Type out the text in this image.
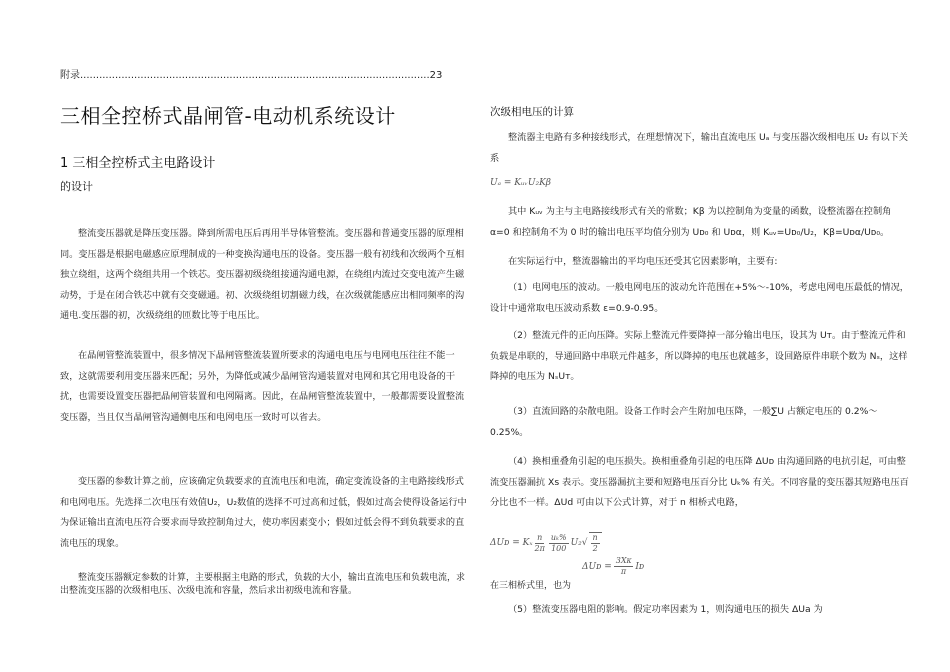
附录..............................................................................................................23
三相全控桥式晶闸管-电动机系统设计
1 三相全控桥式主电路设计
的设计
整流变压器就是降压变压器。降到所需电压后再用半导体管整流。变压器和普通变压器的原理相同。变压器是根据电磁感应原理制成的一种变换沟通电压的设备。变压器一般有初线和次级两个互相独立绕组，这两个绕组共用一个铁芯。变压器初级绕组接通沟通电源，在绕组内流过交变电流产生磁动势，于是在闭合铁芯中就有交变磁通。初、次级绕组切割磁力线，在次级就能感应出相同频率的沟通电.变压器的初，次级绕组的匝数比等于电压比。
在晶闸管整流装置中，很多情况下晶闸管整流装置所要求的沟通电电压与电网电压往往不能一致，这就需要利用变压器来匹配；另外，为降低或减少晶闸管沟通装置对电网和其它用电设备的干扰，也需要设置变压器把晶闸管装置和电网隔离。因此，在晶闸管整流装置中，一般都需要设置整流变压器，当且仅当晶闸管沟通侧电压和电网电压一致时可以省去。
变压器的参数计算之前，应该确定负载要求的直流电压和电流，确定变流设备的主电路接线形式和电网电压。先选择二次电压有效值U₂，U₂数值的选择不可过高和过低，假如过高会使得设备运行中为保证输出直流电压符合要求而导致控制角过大，使功率因素变小；假如过低会得不到负载要求的直流电压的现象。
整流变压器额定参数的计算，主要根据主电路的形式，负载的大小，输出直流电压和负载电流，求出整流变压器的次级相电压、次级电流和容量，然后求出初级电流和容量。
次级相电压的计算
整流器主电路有多种接线形式，在理想情况下，输出直流电压 Uₐ 与变压器次级相电压 U₂ 有以下关系
Uₐ = KᵤᵥU₂Kβ
其中 Kᵤᵥ 为主与主电路接线形式有关的常数；Kβ 为以控制角为变量的函数，设整流器在控制角 α=0 和控制角不为 0 时的输出电压平均值分别为 Uᴅ₀ 和 Uᴅα，则 Kᵤᵥ=Uᴅ₀/U₂，Kβ=Uᴅα/Uᴅ₀。
在实际运行中，整流器输出的平均电压还受其它因素影响，主要有:
（1）电网电压的波动。一般电网电压的波动允许范围在+5%～-10%，考虑电网电压最低的情况，设计中通常取电压波动系数 ε=0.9-0.95。
（2）整流元件的正向压降。实际上整流元件要降掉一部分输出电压，设其为 Uт。由于整流元件和负载是串联的，导通回路中串联元件越多，所以降掉的电压也就越多，设回路原件串联个数为 Nₛ，这样降掉的电压为 NₛUт。
（3）直流回路的杂散电阻。设备工作时会产生附加电压降，一般∑U 占额定电压的 0.2%～0.25%。
（4）换相重叠角引起的电压损失。换相重叠角引起的电压降 ΔUᴅ 由沟通回路的电抗引起，可由整流变压器漏抗 Xs 表示。变压器漏抗主要和短路电压百分比 Uₖ% 有关。不同容量的变压器其短路电压百分比也不一样。ΔUd 可由以下公式计算，对于 n 相桥式电路，
ΔUᴅ = Kₓ $\frac{n}{2\pi} \frac{\text{uₖ\%}}{100} U_2$ √ $\frac{n}{2}$
ΔUᴅ = $\frac{\text{3Xᴋ}}{\pi}$ Iᴅ
在三相桥式里，也为
（5）整流变压器电阻的影响。假定功率因素为 1，则沟通电压的损失 ΔUa 为
